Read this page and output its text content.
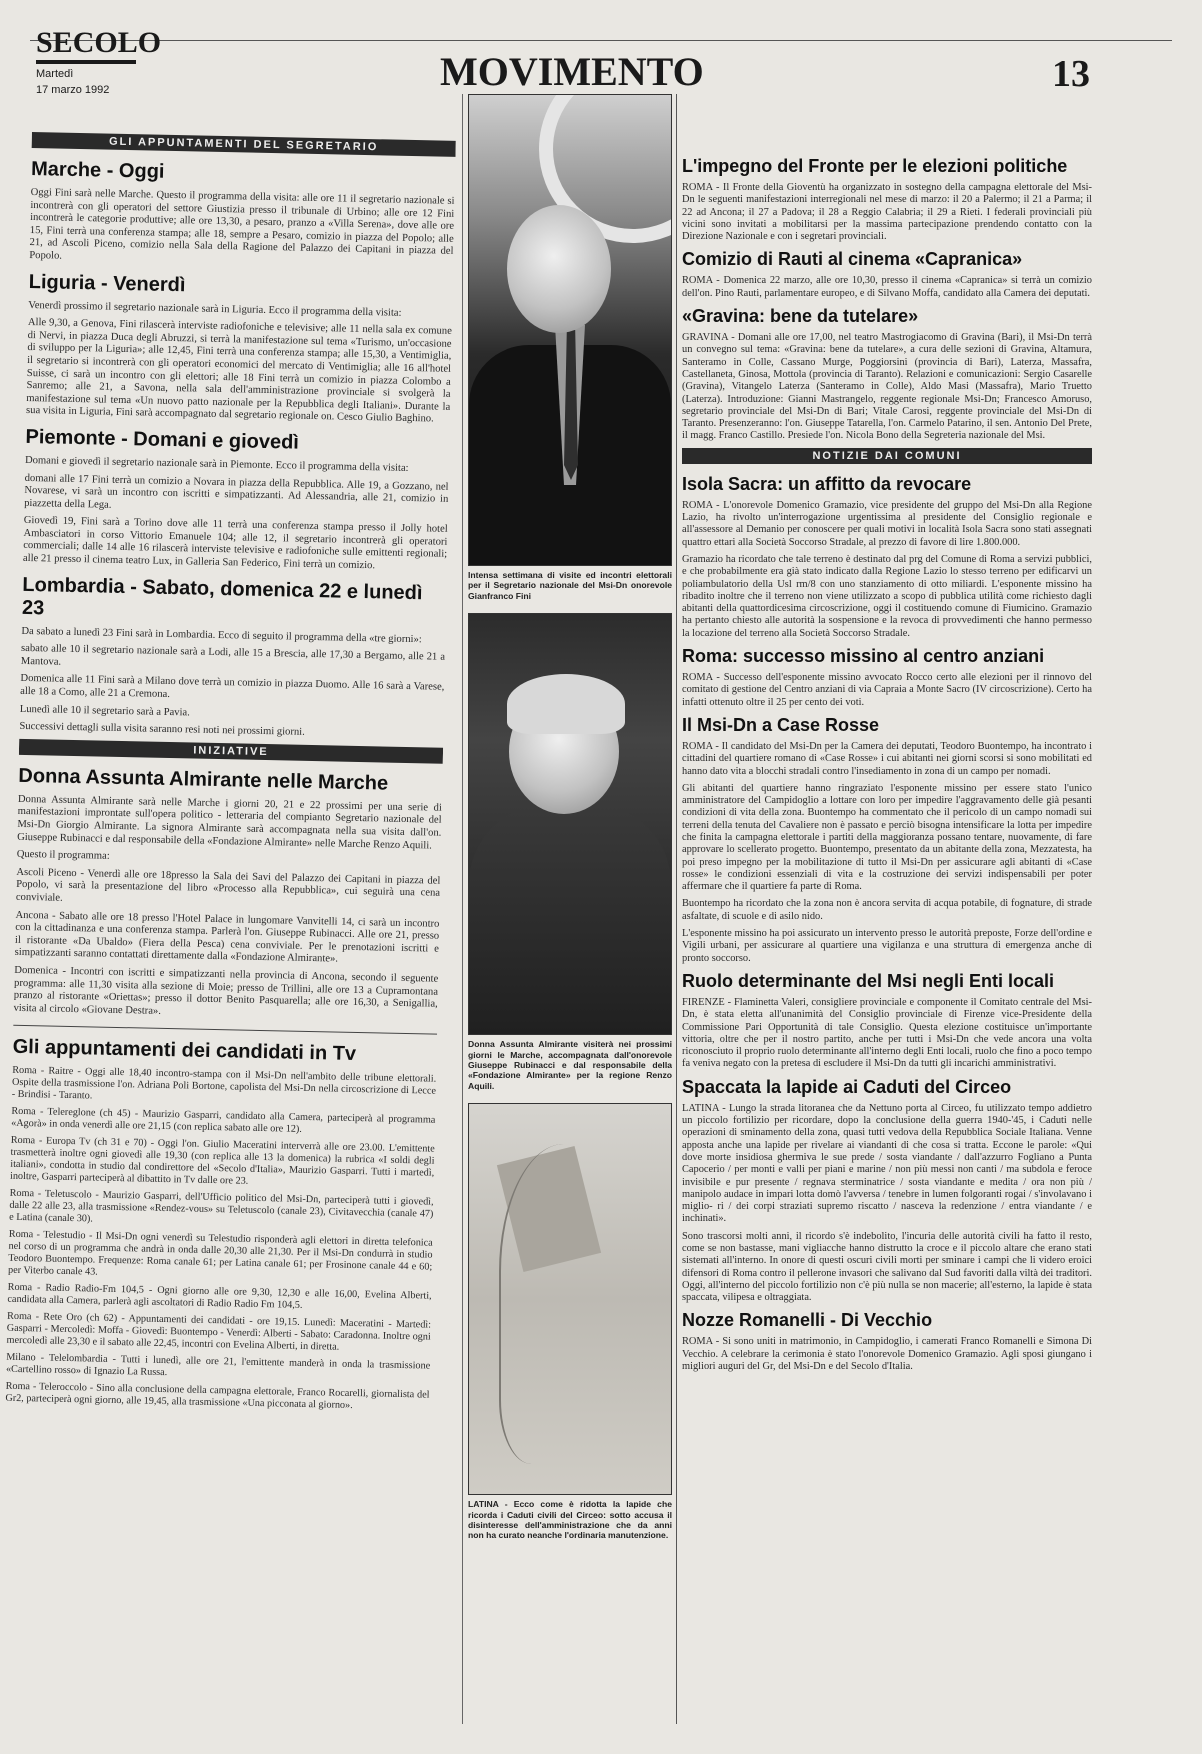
SECOLO
Martedì
17 marzo 1992	MOVIMENTO	13
GLI APPUNTAMENTI DEL SEGRETARIO
Marche - Oggi

Oggi Fini sarà nelle Marche. Questo il programma della visita: alle ore 11 il segretario nazionale si incontrerà con gli operatori del settore Giustizia presso il tribunale di Urbino; alle ore 12 Fini incontrerà le categorie produttive; alle ore 13,30, a pesaro, pranzo a «Villa Serena», dove alle ore 15, Fini terrà una conferenza stampa; alle 18, sempre a Pesaro, comizio in piazza del Popolo; alle 21, ad Ascoli Piceno, comizio nella Sala della Ragione del Palazzo dei Capitani in piazza del Popolo.

Liguria - Venerdì

Venerdì prossimo il segretario nazionale sarà in Liguria. Ecco il programma della visita:

Alle 9,30, a Genova, Fini rilascerà interviste radiofoniche e televisive; alle 11 nella sala ex comune di Nervi, in piazza Duca degli Abruzzi, si terrà la manifestazione sul tema «Turismo, un'occasione di sviluppo per la Liguria»; alle 12,45, Fini terrà una conferenza stampa; alle 15,30, a Ventimiglia, il segretario si incontrerà con gli operatori economici del mercato di Ventimiglia; alle 16 all'hotel Suisse, ci sarà un incontro con gli elettori; alle 18 Fini terrà un comizio in piazza Colombo a Sanremo; alle 21, a Savona, nella sala dell'amministrazione provinciale si svolgerà la manifestazione sul tema «Un nuovo patto nazionale per la Repubblica degli Italiani». Durante la sua visita in Liguria, Fini sarà accompagnato dal segretario regionale on. Cesco Giulio Baghino.

Piemonte - Domani e giovedì

Domani e giovedì il segretario nazionale sarà in Piemonte. Ecco il programma della visita:

domani alle 17 Fini terrà un comizio a Novara in piazza della Repubblica. Alle 19, a Gozzano, nel Novarese, vi sarà un incontro con iscritti e simpatizzanti. Ad Alessandria, alle 21, comizio in piazzetta della Lega.

Giovedì 19, Fini sarà a Torino dove alle 11 terrà una conferenza stampa presso il Jolly hotel Ambasciatori in corso Vittorio Emanuele 104; alle 12, il segretario incontrerà gli operatori commerciali; dalle 14 alle 16 rilascerà interviste televisive e radiofoniche sulle emittenti regionali; alle 21 presso il cinema teatro Lux, in Galleria San Federico, Fini terrà un comizio.

Lombardia - Sabato, domenica 22 e lunedì 23

Da sabato a lunedì 23 Fini sarà in Lombardia. Ecco di seguito il programma della «tre giorni»:

sabato alle 10 il segretario nazionale sarà a Lodi, alle 15 a Brescia, alle 17,30 a Bergamo, alle 21 a Mantova.

Domenica alle 11 Fini sarà a Milano dove terrà un comizio in piazza Duomo. Alle 16 sarà a Varese, alle 18 a Como, alle 21 a Cremona.

Lunedì alle 10 il segretario sarà a Pavia.

Successivi dettagli sulla visita saranno resi noti nei prossimi giorni.

INIZIATIVE
Donna Assunta Almirante nelle Marche

Donna Assunta Almirante sarà nelle Marche i giorni 20, 21 e 22 prossimi per una serie di manifestazioni improntate sull'opera politico - letteraria del compianto Segretario nazionale del Msi-Dn Giorgio Almirante. La signora Almirante sarà accompagnata nella sua visita dall'on. Giuseppe Rubinacci e dal responsabile della «Fondazione Almirante» nelle Marche Renzo Aquili.

Questo il programma:

Ascoli Piceno - Venerdì alle ore 18presso la Sala dei Savi del Palazzo dei Capitani in piazza del Popolo, vi sarà la presentazione del libro «Processo alla Repubblica», cui seguirà una cena conviviale.

Ancona - Sabato alle ore 18 presso l'Hotel Palace in lungomare Vanvitelli 14, ci sarà un incontro con la cittadinanza e una conferenza stampa. Parlerà l'on. Giuseppe Rubinacci. Alle ore 21, presso il ristorante «Da Ubaldo» (Fiera della Pesca) cena conviviale. Per le prenotazioni iscritti e simpatizzanti saranno contattati direttamente dalla «Fondazione Almirante».

Domenica - Incontri con iscritti e simpatizzanti nella provincia di Ancona, secondo il seguente programma: alle 11,30 visita alla sezione di Moie; presso de Trillini, alle ore 13 a Cupramontana pranzo al ristorante «Oriettas»; presso il dottor Benito Pasquarella; alle ore 16,30, a Senigallia, visita al circolo «Giovane Destra».

Gli appuntamenti dei candidati in Tv

Roma - Raitre - Oggi alle 18,40 incontro-stampa con il Msi-Dn nell'ambito delle tribune elettorali. Ospite della trasmissione l'on. Adriana Poli Bortone, capolista del Msi-Dn nella circoscrizione di Lecce - Brindisi - Taranto.

Roma - Telereglone (ch 45) - Maurizio Gasparri, candidato alla Camera, parteciperà al programma «Agorà» in onda venerdì alle ore 21,15 (con replica sabato alle ore 12).

Roma - Europa Tv (ch 31 e 70) - Oggi l'on. Giulio Maceratini interverrà alle ore 23.00. L'emittente trasmetterà inoltre ogni giovedì alle 19,30 (con replica alle 13 la domenica) la rubrica «I soldi degli italiani», condotta in studio dal condirettore del «Secolo d'Italia», Maurizio Gasparri. Tutti i martedì, inoltre, Gasparri parteciperà al dibattito in Tv dalle ore 23.

Roma - Teletuscolo - Maurizio Gasparri, dell'Ufficio politico del Msi-Dn, parteciperà tutti i giovedì, dalle 22 alle 23, alla trasmissione «Rendez-vous» su Teletuscolo (canale 23), Civitavecchia (canale 47) e Latina (canale 30).

Roma - Telestudio - Il Msi-Dn ogni venerdì su Telestudio risponderà agli elettori in diretta telefonica nel corso di un programma che andrà in onda dalle 20,30 alle 21,30. Per il Msi-Dn condurrà in studio Teodoro Buontempo. Frequenze: Roma canale 61; per Latina canale 61; per Frosinone canale 44 e 60; per Viterbo canale 43.

Roma - Radio Radio-Fm 104,5 - Ogni giorno alle ore 9,30, 12,30 e alle 16,00, Evelina Alberti, candidata alla Camera, parlerà agli ascoltatori di Radio Radio Fm 104,5.

Roma - Rete Oro (ch 62) - Appuntamenti dei candidati - ore 19,15. Lunedì: Maceratini - Martedì: Gasparri - Mercoledì: Moffa - Giovedì: Buontempo - Venerdì: Alberti - Sabato: Caradonna. Inoltre ogni mercoledì alle 23,30 e il sabato alle 22,45, incontri con Evelina Alberti, in diretta.

Milano - Telelombardia - Tutti i lunedì, alle ore 21, l'emittente manderà in onda la trasmissione «Cartellino rosso» di Ignazio La Russa.

Roma - Teleroccolo - Sino alla conclusione della campagna elettorale, Franco Rocarelli, giornalista del Gr2, parteciperà ogni giorno, alle 19,45, alla trasmissione «Una picconata al giorno».

Intensa settimana di visite ed incontri elettorali per il Segretario nazionale del Msi-Dn onorevole Gianfranco Fini
Donna Assunta Almirante visiterà nei prossimi giorni le Marche, accompagnata dall'onorevole Giuseppe Rubinacci e dal responsabile della «Fondazione Almirante» per la regione Renzo Aquili.
LATINA - Ecco come è ridotta la lapide che ricorda i Caduti civili del Circeo: sotto accusa il disinteresse dell'amministrazione che da anni non ha curato neanche l'ordinaria manutenzione.
L'impegno del Fronte per le elezioni politiche

ROMA - Il Fronte della Gioventù ha organizzato in sostegno della campagna elettorale del Msi-Dn le seguenti manifestazioni interregionali nel mese di marzo: il 20 a Palermo; il 21 a Parma; il 22 ad Ancona; il 27 a Padova; il 28 a Reggio Calabria; il 29 a Rieti. I federali provinciali più vicini sono invitati a mobilitarsi per la massima partecipazione prendendo contatto con la Direzione Nazionale e con i segretari provinciali.

Comizio di Rauti al cinema «Capranica»

ROMA - Domenica 22 marzo, alle ore 10,30, presso il cinema «Capranica» si terrà un comizio dell'on. Pino Rauti, parlamentare europeo, e di Silvano Moffa, candidato alla Camera dei deputati.

«Gravina: bene da tutelare»

GRAVINA - Domani alle ore 17,00, nel teatro Mastrogiacomo di Gravina (Bari), il Msi-Dn terrà un convegno sul tema: «Gravina: bene da tutelare», a cura delle sezioni di Gravina, Altamura, Santeramo in Colle, Cassano Murge, Poggiorsini (provincia di Bari), Laterza, Massafra, Castellaneta, Ginosa, Mottola (provincia di Taranto). Relazioni e comunicazioni: Sergio Casarelle (Gravina), Vitangelo Laterza (Santeramo in Colle), Aldo Masi (Massafra), Mario Truetto (Laterza). Introduzione: Gianni Mastrangelo, reggente regionale Msi-Dn; Francesco Amoruso, segretario provinciale del Msi-Dn di Bari; Vitale Carosi, reggente provinciale del Msi-Dn di Taranto. Presenzeranno: l'on. Giuseppe Tatarella, l'on. Carmelo Patarino, il sen. Antonio Del Prete, il magg. Franco Castillo. Presiede l'on. Nicola Bono della Segreteria nazionale del Msi.

NOTIZIE DAI COMUNI
Isola Sacra: un affitto da revocare

ROMA - L'onorevole Domenico Gramazio, vice presidente del gruppo del Msi-Dn alla Regione Lazio, ha rivolto un'interrogazione urgentissima al presidente del Consiglio regionale e all'assessore al Demanio per conoscere per quali motivi in località Isola Sacra sono stati assegnati quattro ettari alla Società Soccorso Stradale, al prezzo di favore di lire 1.800.000.

Gramazio ha ricordato che tale terreno è destinato dal prg del Comune di Roma a servizi pubblici, e che probabilmente era già stato indicato dalla Regione Lazio lo stesso terreno per edificarvi un poliambulatorio della Usl rm/8 con uno stanziamento di otto miliardi. L'esponente missino ha ribadito inoltre che il terreno non viene utilizzato a scopo di pubblica utilità come richiesto dagli abitanti della quattordicesima circoscrizione, oggi il costituendo comune di Fiumicino. Gramazio ha pertanto chiesto alle autorità la sospensione e la revoca di provvedimenti che hanno permesso la locazione del terreno alla Società Soccorso Stradale.

Roma: successo missino al centro anziani

ROMA - Successo dell'esponente missino avvocato Rocco certo alle elezioni per il rinnovo del comitato di gestione del Centro anziani di via Capraia a Monte Sacro (IV circoscrizione). Certo ha infatti ottenuto oltre il 25 per cento dei voti.

Il Msi-Dn a Case Rosse

ROMA - Il candidato del Msi-Dn per la Camera dei deputati, Teodoro Buontempo, ha incontrato i cittadini del quartiere romano di «Case Rosse» i cui abitanti nei giorni scorsi si sono mobilitati ed hanno dato vita a blocchi stradali contro l'insediamento in zona di un campo per nomadi.

Gli abitanti del quartiere hanno ringraziato l'esponente missino per essere stato l'unico amministratore del Campidoglio a lottare con loro per impedire l'aggravamento delle già pesanti condizioni di vita della zona. Buontempo ha commentato che il pericolo di un campo nomadi sui terreni della tenuta del Cavaliere non è passato e perciò bisogna intensificare la lotta per impedire che finita la campagna elettorale i partiti della maggioranza possano tentare, nuovamente, di fare approvare lo scellerato progetto. Buontempo, presentato da un abitante della zona, Mezzatesta, ha poi preso impegno per la mobilitazione di tutto il Msi-Dn per assicurare agli abitanti di «Case rosse» le condizioni essenziali di vita e la costruzione dei servizi indispensabili per poter affermare che il quartiere fa parte di Roma.

Buontempo ha ricordato che la zona non è ancora servita di acqua potabile, di fognature, di strade asfaltate, di scuole e di asilo nido.

L'esponente missino ha poi assicurato un intervento presso le autorità preposte, Forze dell'ordine e Vigili urbani, per assicurare al quartiere una vigilanza e una struttura di emergenza anche di pronto soccorso.

Ruolo determinante del Msi negli Enti locali

FIRENZE - Flaminetta Valeri, consigliere provinciale e componente il Comitato centrale del Msi-Dn, è stata eletta all'unanimità del Consiglio provinciale di Firenze vice-Presidente della Commissione Pari Opportunità di tale Consiglio. Questa elezione costituisce un'importante vittoria, oltre che per il nostro partito, anche per tutti i Msi-Dn che vede ancora una volta riconosciuto il proprio ruolo determinante all'interno degli Enti locali, ruolo che fino a poco tempo fa veniva negato con la pretesa di escludere il Msi-Dn da tutti gli incarichi amministrativi.

Spaccata la lapide ai Caduti del Circeo

LATINA - Lungo la strada litoranea che da Nettuno porta al Circeo, fu utilizzato tempo addietro un piccolo fortilizio per ricordare, dopo la conclusione della guerra 1940-'45, i Caduti nelle operazioni di sminamento della zona, quasi tutti vedova della Repubblica Sociale Italiana. Venne apposta anche una lapide per rivelare ai viandanti di che cosa si tratta. Eccone le parole: «Qui dove morte insidiosa ghermiva le sue prede / sosta viandante / dall'azzurro Fogliano a Punta Capocerio / per monti e valli per piani e marine / non più messi non canti / ma subdola e feroce invisibile e pur presente / regnava sterminatrice / sosta viandante e medita / ora non più / manipolo audace in impari lotta domò l'avversa / tenebre in lumen folgoranti rogai / s'involavano i miglio- ri / dei corpi straziati supremo riscatto / nasceva la redenzione / entra viandante / e inchinati».

Sono trascorsi molti anni, il ricordo s'è indebolito, l'incuria delle autorità civili ha fatto il resto, come se non bastasse, mani vigliacche hanno distrutto la croce e il piccolo altare che erano stati sistemati all'interno. In onore di questi oscuri civili morti per sminare i campi che li videro eroici difensori di Roma contro il pellerone invasori che salivano dal Sud favoriti dalla viltà dei traditori. Oggi, all'interno del piccolo fortilizio non c'è più nulla se non macerie; all'esterno, la lapide è stata spaccata, vilipesa e oltraggiata.

Nozze Romanelli - Di Vecchio

ROMA - Si sono uniti in matrimonio, in Campidoglio, i camerati Franco Romanelli e Simona Di Vecchio. A celebrare la cerimonia è stato l'onorevole Domenico Gramazio. Agli sposi giungano i migliori auguri del Gr, del Msi-Dn e del Secolo d'Italia.
